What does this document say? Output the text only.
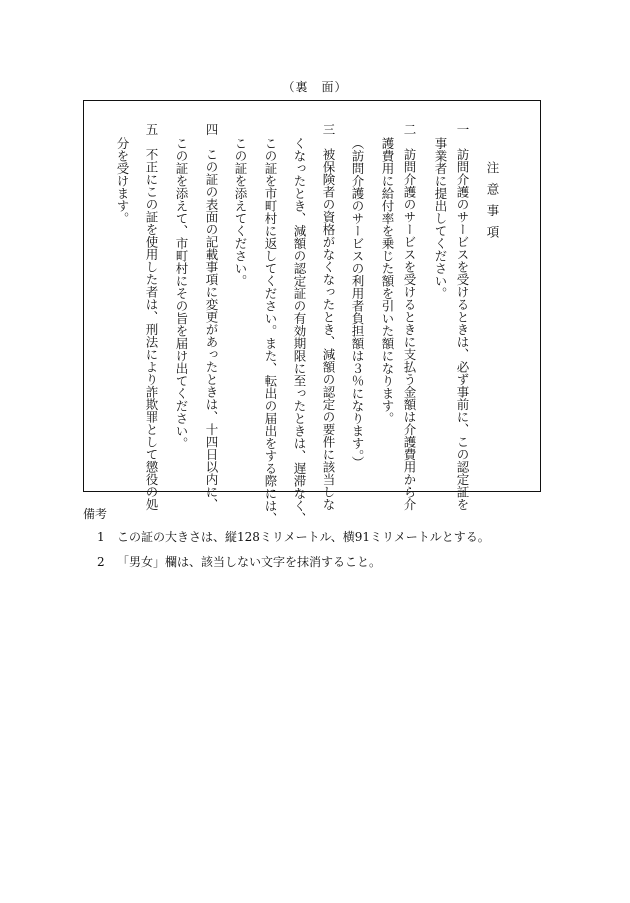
（裏　面）
注意事項
一　訪問介護のサービスを受けるときは、必ず事前に、この認定証を
事業者に提出してください。
二　訪問介護のサービスを受けるときに支払う金額は介護費用から介
護費用に給付率を乗じた額を引いた額になります。
（訪問介護のサービスの利用者負担額は３％になります。）
三　被保険者の資格がなくなったとき、減額の認定の要件に該当しな
くなったとき、減額の認定証の有効期限に至ったときは、遅滞なく、
この証を市町村に返してください。また、転出の届出をする際には、
この証を添えてください。
四　この証の表面の記載事項に変更があったときは、十四日以内に、
この証を添えて、市町村にその旨を届け出てください。
五　不正にこの証を使用した者は、刑法により詐欺罪として懲役の処
分を受けます。
備考
1 この証の大きさは、縦128ミリメートル、横91ミリメートルとする。
2 「男女」欄は、該当しない文字を抹消すること。
